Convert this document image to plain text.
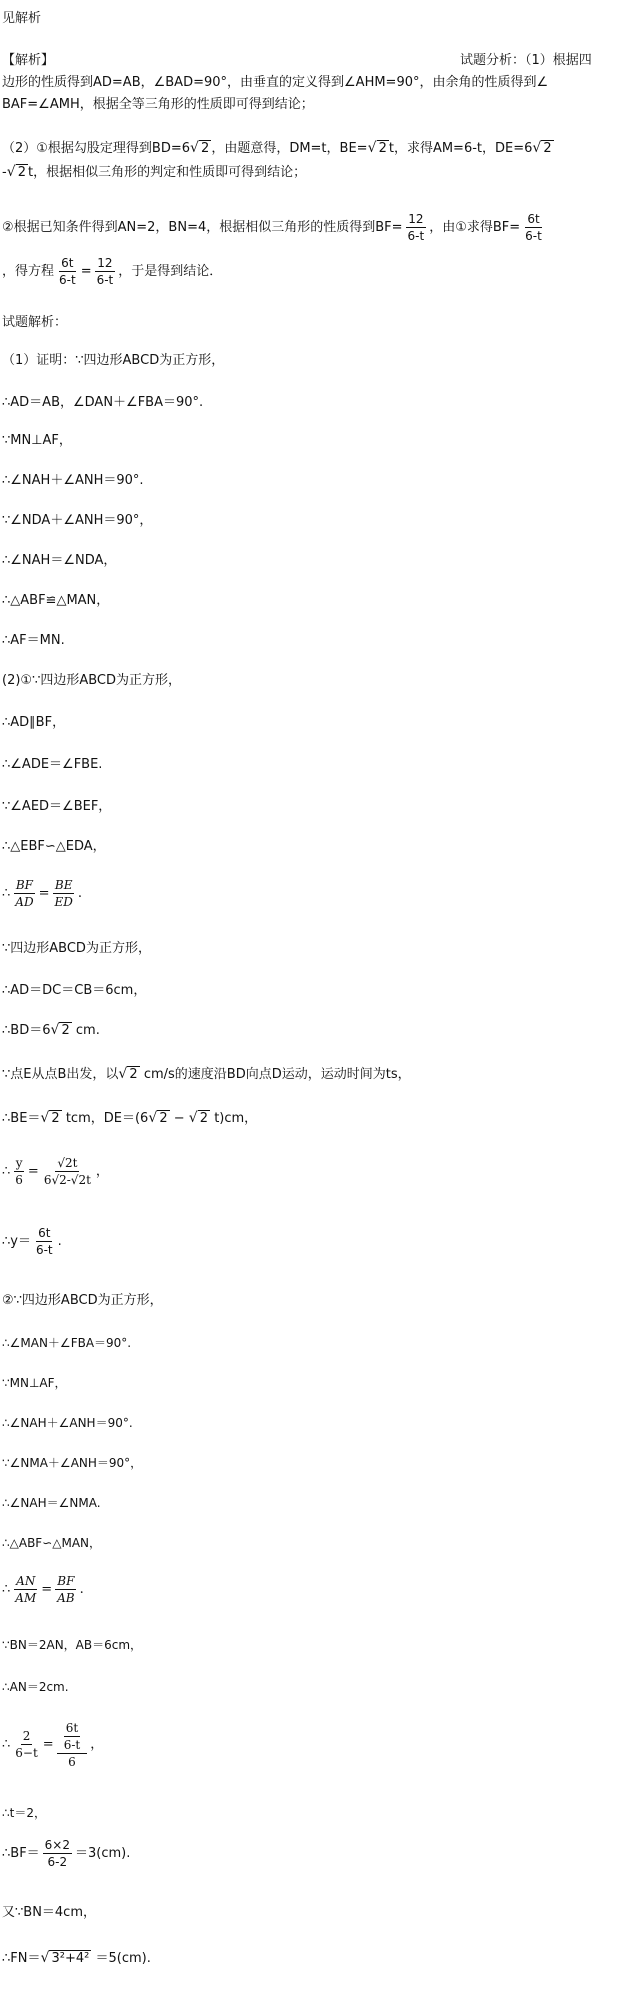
见解析
【解析】	试题分析：（1）根据四
边形的性质得到AD=AB，∠BAD=90°，由垂直的定义得到∠AHM=90°，由余角的性质得到∠
BAF=∠AMH，根据全等三角形的性质即可得到结论；
（2）①根据勾股定理得到BD=6 √ 2 ，由题意得，DM=t，BE= √ 2 t，求得AM=6-t，DE=6 √ 2
- √ 2 t，根据相似三角形的判定和性质即可得到结论；
②根据已知条件得到AN=2，BN=4，根据相似三角形的性质得到$BF= \frac{12}{6-t}$ ，由①求得$BF= \frac{6t}{6-t}$
，得方程 $\frac{6t}{6-t} = \frac{12}{6-t}$ ，于是得到结论．
试题解析：
（1）证明：∵四边形ABCD为正方形，
∴AD＝AB，∠DAN＋∠FBA＝90°.
∵MN⊥AF，
∴∠NAH＋∠ANH＝90°.
∵∠NDA＋∠ANH＝90°，
∴∠NAH＝∠NDA，
∴△ABF≌△MAN，
∴AF＝MN.
(2)①∵四边形ABCD为正方形，
∴AD∥BF，
∴∠ADE＝∠FBE.
∵∠AED＝∠BEF，
∴△EBF∽△EDA，
∴ $\frac{BF}{AD} = \frac{BE}{ED}$ .
∵四边形ABCD为正方形，
∴AD＝DC＝CB＝6cm，
∴BD＝6 √ 2 cm.
∵点E从点B出发，以 √ 2 cm/s的速度沿BD向点D运动，运动时间为ts，
∴BE＝ √ 2 tcm，DE＝(6 √ 2 − √ 2 t)cm，
∴ $\frac{y}{6} = \frac{√2t}{6√2-√2t}$ ，
∴y＝ $\frac{6t}{6-t}$ .
②∵四边形ABCD为正方形，
∴∠MAN＋∠FBA＝90°.
∵MN⊥AF，
∴∠NAH＋∠ANH＝90°.
∵∠NMA＋∠ANH＝90°，
∴∠NAH＝∠NMA.
∴△ABF∽△MAN，
∴ $\frac{AN}{AM} = \frac{BF}{AB}$ .
∵BN＝2AN，AB＝6cm，
∴AN＝2cm.
∴ $\frac{2}{6-t} = \frac{\frac{6t}{6-t}}{6}$ ，
∴t＝2，
∴BF＝ $\frac{6\times 2}{6-2} =3(cm)$.
又∵BN＝4cm，
∴FN＝ √ 3²+4² ＝5(cm).
